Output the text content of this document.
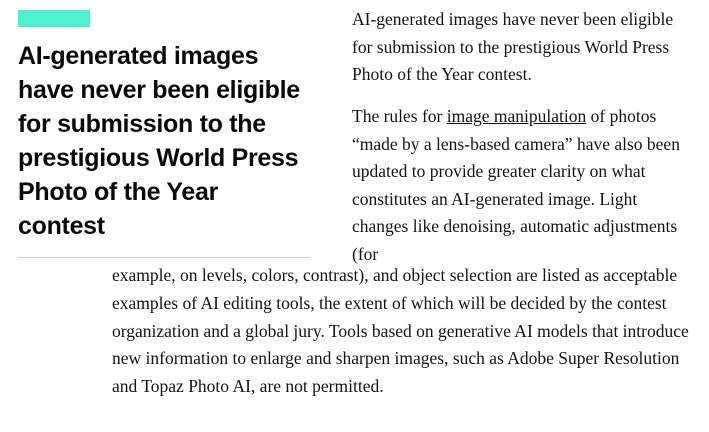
AI-generated images have never been eligible for submission to the prestigious World Press Photo of the Year contest

AI-generated images have never been eligible for submission to the prestigious World Press Photo of the Year contest.

The rules for image manipulation of photos “made by a lens-based camera” have also been updated to provide greater clarity on what constitutes an AI-generated image. Light changes like denoising, automatic adjustments (for

example, on levels, colors, contrast), and object selection are listed as acceptable examples of AI editing tools, the extent of which will be decided by the contest organization and a global jury. Tools based on generative AI models that introduce new information to enlarge and sharpen images, such as Adobe Super Resolution and Topaz Photo AI, are not permitted.
